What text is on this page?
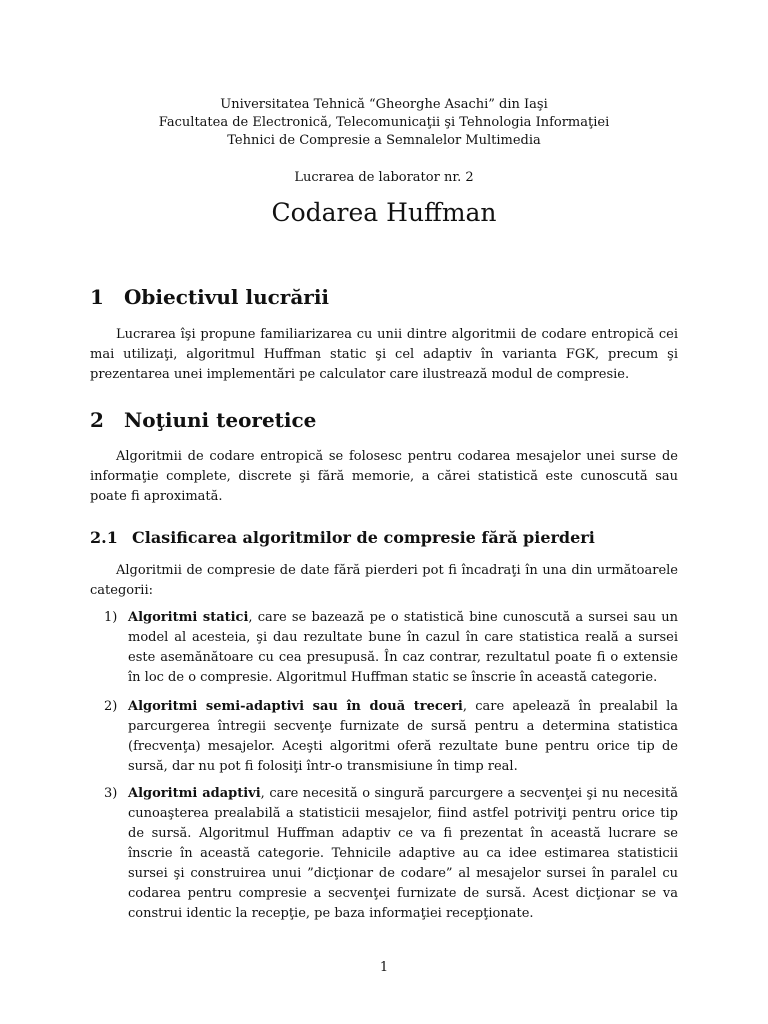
Universitatea Tehnică “Gheorghe Asachi” din Iaşi
Facultatea de Electronică, Telecomunicaţii şi Tehnologia Informaţiei
Tehnici de Compresie a Semnalelor Multimedia
Lucrarea de laborator nr. 2
Codarea Huffman
1 Obiectivul lucrării

Lucrarea îşi propune familiarizarea cu unii dintre algoritmii de codare entropică cei mai utilizaţi, algoritmul Huffman static şi cel adaptiv în varianta FGK, precum şi prezentarea unei implementări pe calculator care ilustrează modul de compresie.

2 Noţiuni teoretice

Algoritmii de codare entropică se folosesc pentru codarea mesajelor unei surse de informaţie complete, discrete şi fără memorie, a cărei statistică este cunoscută sau poate fi aproximată.

2.1 Clasificarea algoritmilor de compresie fără pierderi

Algoritmii de compresie de date fără pierderi pot fi încadraţi în una din următoarele categorii:

1) Algoritmi statici, care se bazează pe o statistică bine cunoscută a sursei sau un model al acesteia, şi dau rezultate bune în cazul în care statistica reală a sursei este asemănătoare cu cea presupusă. În caz contrar, rezultatul poate fi o extensie în loc de o compresie. Algoritmul Huffman static se înscrie în această categorie.
2) Algoritmi semi-adaptivi sau în două treceri, care apelează în prealabil la parcurgerea întregii secvenţe furnizate de sursă pentru a determina statistica (frecvenţa) mesajelor. Aceşti algoritmi oferă rezultate bune pentru orice tip de sursă, dar nu pot fi folosiţi într-o transmisiune în timp real.
3) Algoritmi adaptivi, care necesită o singură parcurgere a secvenţei şi nu necesită cunoaşterea prealabilă a statisticii mesajelor, fiind astfel potriviţi pentru orice tip de sursă. Algoritmul Huffman adaptiv ce va fi prezentat în această lucrare se înscrie în această categorie. Tehnicile adaptive au ca idee estimarea statisticii sursei şi construirea unui ”dicţionar de codare” al mesajelor sursei în paralel cu codarea pentru compresie a secvenţei furnizate de sursă. Acest dicţionar se va construi identic la recepţie, pe baza informaţiei recepţionate.
1
